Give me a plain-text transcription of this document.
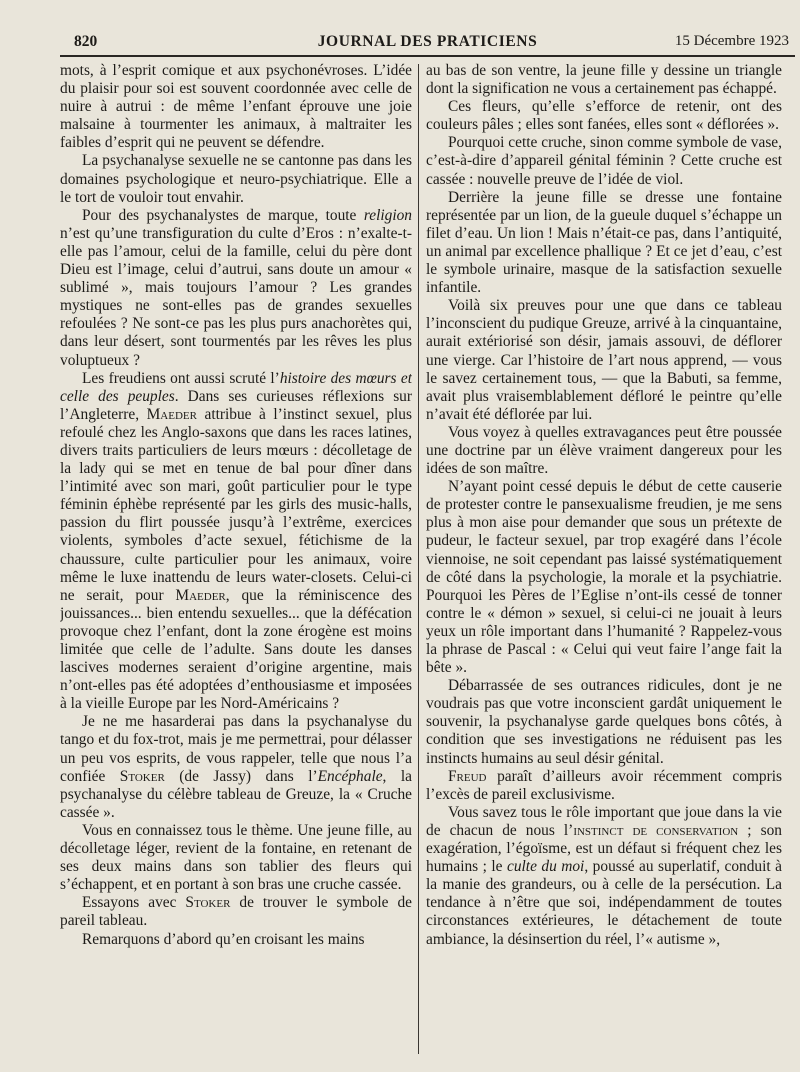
820	JOURNAL DES PRATICIENS	15 Décembre 1923

mots, à l’esprit comique et aux psychonévroses. L’idée du plaisir pour soi est souvent coordonnée avec celle de nuire à autrui : de même l’enfant éprouve une joie malsaine à tourmenter les animaux, à maltraiter les faibles d’esprit qui ne peuvent se défendre.

La psychanalyse sexuelle ne se cantonne pas dans les domaines psychologique et neuro-psychiatrique. Elle a le tort de vouloir tout envahir.

Pour des psychanalystes de marque, toute religion n’est qu’une transfiguration du culte d’Eros : n’exalte-t-elle pas l’amour, celui de la famille, celui du père dont Dieu est l’image, celui d’autrui, sans doute un amour « sublimé », mais toujours l’amour ? Les grandes mystiques ne sont-elles pas de grandes sexuelles refoulées ? Ne sont-ce pas les plus purs anachorètes qui, dans leur désert, sont tourmentés par les rêves les plus voluptueux ?

Les freudiens ont aussi scruté l’histoire des mœurs et celle des peuples. Dans ses curieuses réflexions sur l’Angleterre, Maeder attribue à l’instinct sexuel, plus refoulé chez les Anglo-saxons que dans les races latines, divers traits particuliers de leurs mœurs : décolletage de la lady qui se met en tenue de bal pour dîner dans l’intimité avec son mari, goût particulier pour le type féminin éphèbe représenté par les girls des music-halls, passion du flirt poussée jusqu’à l’extrême, exercices violents, symboles d’acte sexuel, fétichisme de la chaussure, culte particulier pour les animaux, voire même le luxe inattendu de leurs water-closets. Celui-ci ne serait, pour Maeder, que la réminiscence des jouissances... bien entendu sexuelles... que la défécation provoque chez l’enfant, dont la zone érogène est moins limitée que celle de l’adulte. Sans doute les danses lascives modernes seraient d’origine argentine, mais n’ont-elles pas été adoptées d’enthousiasme et imposées à la vieille Europe par les Nord-Américains ?

Je ne me hasarderai pas dans la psychanalyse du tango et du fox-trot, mais je me permettrai, pour délasser un peu vos esprits, de vous rappeler, telle que nous l’a confiée Stoker (de Jassy) dans l’Encéphale, la psychanalyse du célèbre tableau de Greuze, la « Cruche cassée ».

Vous en connaissez tous le thème. Une jeune fille, au décolletage léger, revient de la fontaine, en retenant de ses deux mains dans son tablier des fleurs qui s’échappent, et en portant à son bras une cruche cassée.

Essayons avec Stoker de trouver le symbole de pareil tableau.

Remarquons d’abord qu’en croisant les mains

au bas de son ventre, la jeune fille y dessine un triangle dont la signification ne vous a certainement pas échappé.

Ces fleurs, qu’elle s’efforce de retenir, ont des couleurs pâles ; elles sont fanées, elles sont « déflorées ».

Pourquoi cette cruche, sinon comme symbole de vase, c’est-à-dire d’appareil génital féminin ? Cette cruche est cassée : nouvelle preuve de l’idée de viol.

Derrière la jeune fille se dresse une fontaine représentée par un lion, de la gueule duquel s’échappe un filet d’eau. Un lion ! Mais n’était-ce pas, dans l’antiquité, un animal par excellence phallique ? Et ce jet d’eau, c’est le symbole urinaire, masque de la satisfaction sexuelle infantile.

Voilà six preuves pour une que dans ce tableau l’inconscient du pudique Greuze, arrivé à la cinquantaine, aurait extériorisé son désir, jamais assouvi, de déflorer une vierge. Car l’histoire de l’art nous apprend, — vous le savez certainement tous, — que la Babuti, sa femme, avait plus vraisemblablement défloré le peintre qu’elle n’avait été déflorée par lui.

Vous voyez à quelles extravagances peut être poussée une doctrine par un élève vraiment dangereux pour les idées de son maître.

N’ayant point cessé depuis le début de cette causerie de protester contre le pansexualisme freudien, je me sens plus à mon aise pour demander que sous un prétexte de pudeur, le facteur sexuel, par trop exagéré dans l’école viennoise, ne soit cependant pas laissé systématiquement de côté dans la psychologie, la morale et la psychiatrie. Pourquoi les Pères de l’Eglise n’ont-ils cessé de tonner contre le « démon » sexuel, si celui-ci ne jouait à leurs yeux un rôle important dans l’humanité ? Rappelez-vous la phrase de Pascal : « Celui qui veut faire l’ange fait la bête ».

Débarrassée de ses outrances ridicules, dont je ne voudrais pas que votre inconscient gardât uniquement le souvenir, la psychanalyse garde quelques bons côtés, à condition que ses investigations ne réduisent pas les instincts humains au seul désir génital.

Freud paraît d’ailleurs avoir récemment compris l’excès de pareil exclusivisme.

Vous savez tous le rôle important que joue dans la vie de chacun de nous l’instinct de conservation ; son exagération, l’égoïsme, est un défaut si fréquent chez les humains ; le culte du moi, poussé au superlatif, conduit à la manie des grandeurs, ou à celle de la persécution. La tendance à n’être que soi, indépendamment de toutes circonstances extérieures, le détachement de toute ambiance, la désinsertion du réel, l’« autisme »,
